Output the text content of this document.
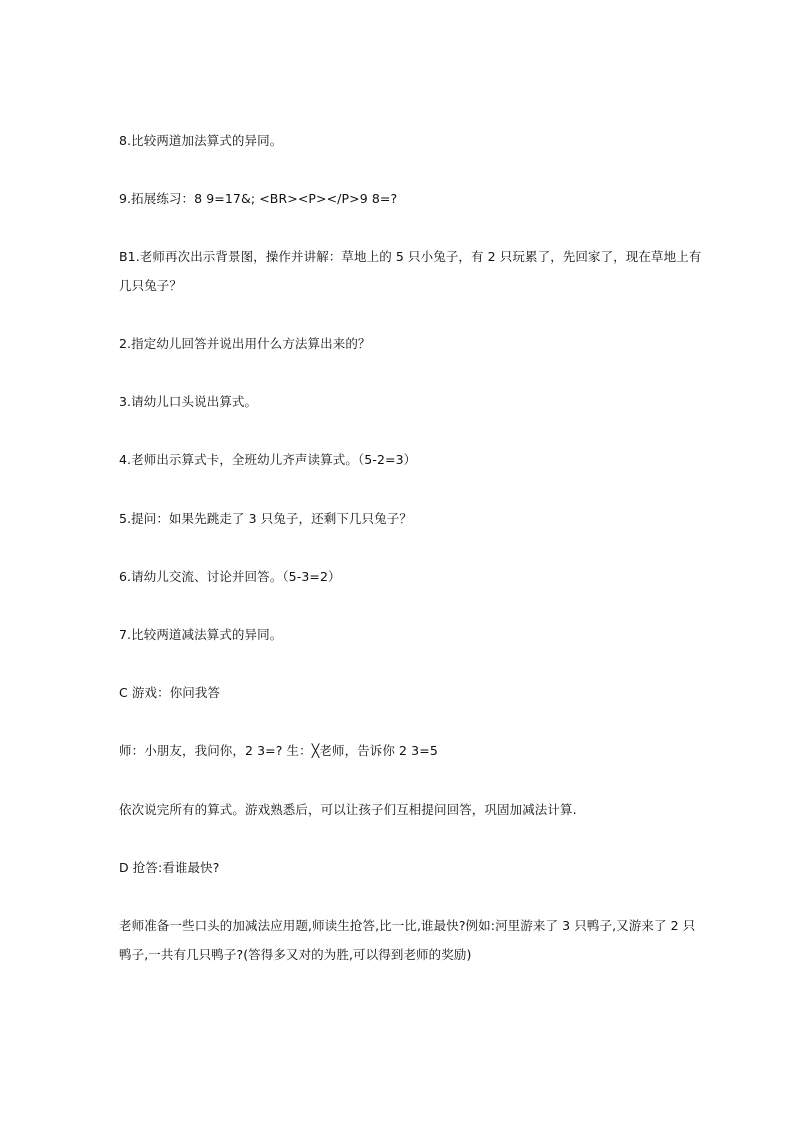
8.比较两道加法算式的异同。
9.拓展练习：8 9=17&; <BR><P></P>9 8=?
B1.老师再次出示背景图，操作并讲解：草地上的 5 只小兔子，有 2 只玩累了，先回家了，现在草地上有
几只兔子？
2.指定幼儿回答并说出用什么方法算出来的？
3.请幼儿口头说出算式。
4.老师出示算式卡，全班幼儿齐声读算式。（5-2=3）
5.提问：如果先跳走了 3 只兔子，还剩下几只兔子？
6.请幼儿交流、讨论并回答。（5-3=2）
7.比较两道减法算式的异同。
C 游戏：你问我答
师：小朋友，我问你，2 3=? 生：╳老师，告诉你 2 3=5
依次说完所有的算式。游戏熟悉后，可以让孩子们互相提问回答，巩固加减法计算.
D 抢答:看谁最快?
老师准备一些口头的加减法应用题,师读生抢答,比一比,谁最快?例如:河里游来了 3 只鸭子,又游来了 2 只
鸭子,一共有几只鸭子?(答得多又对的为胜,可以得到老师的奖励)
